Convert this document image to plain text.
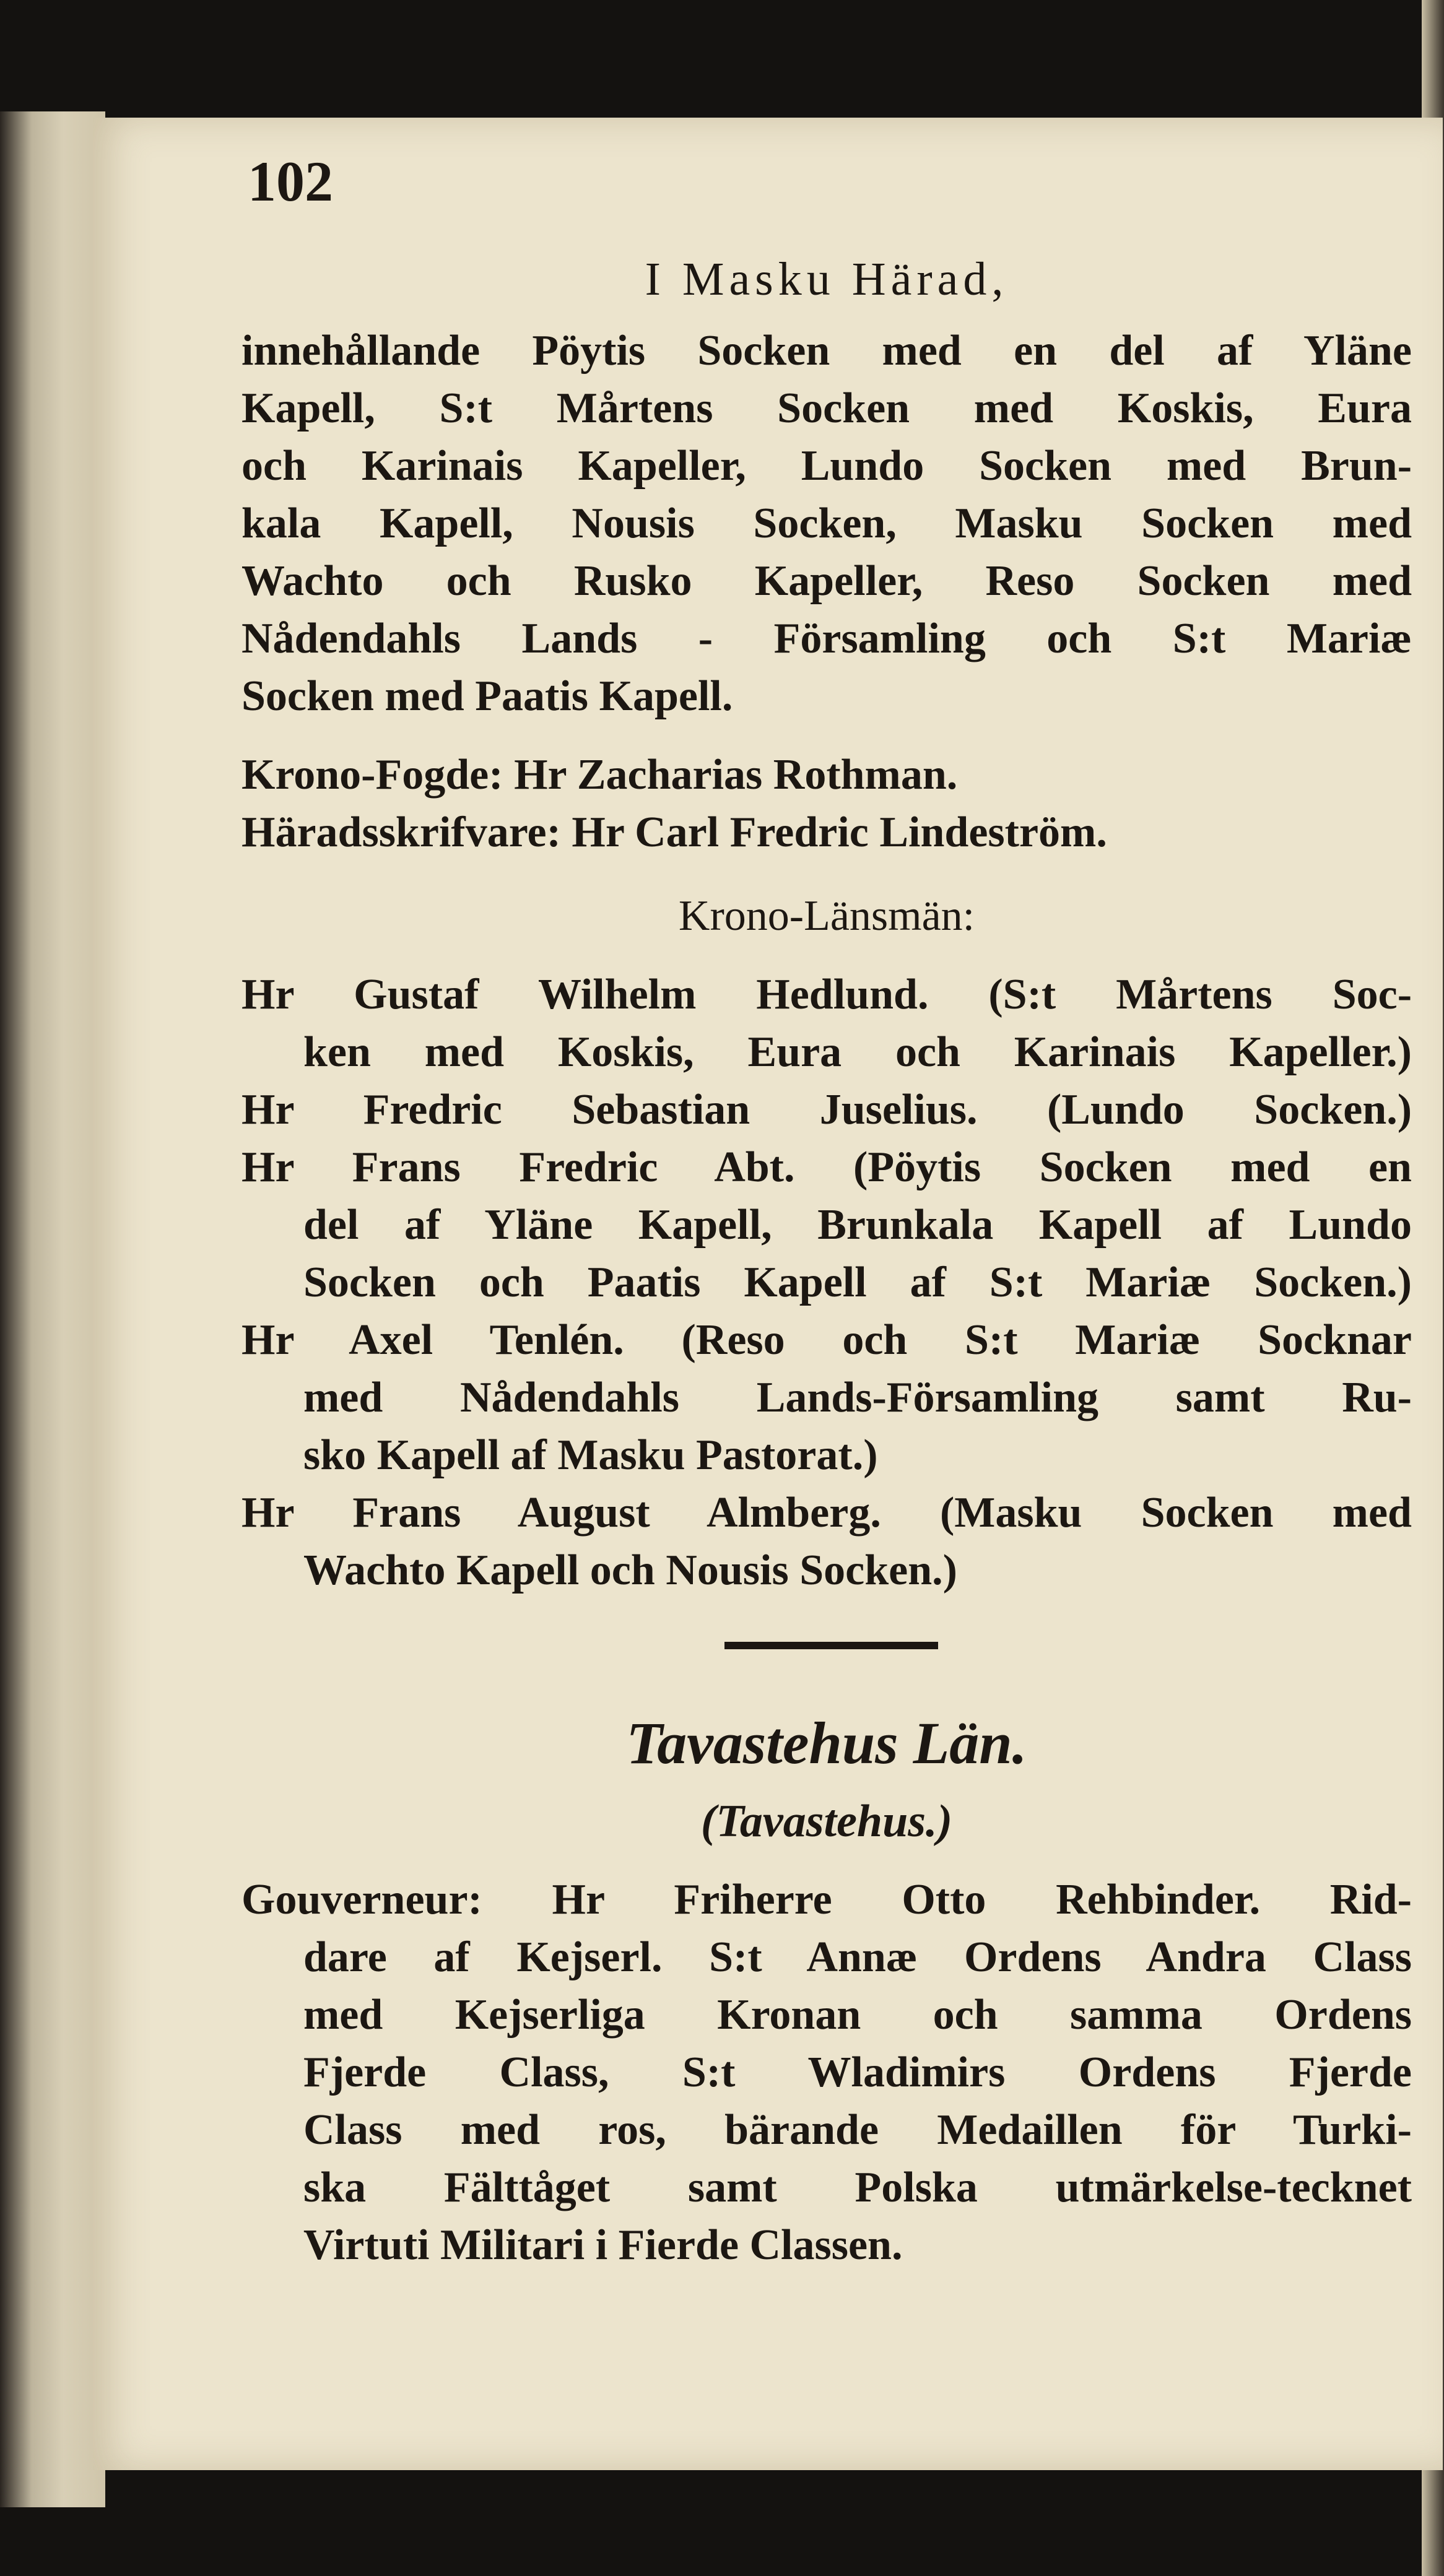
102
I Masku Härad,
innehållande Pöytis Socken med en del af Yläne
Kapell, S:t Mårtens Socken med Koskis, Eura
och Karinais Kapeller, Lundo Socken med Brun-
kala Kapell, Nousis Socken, Masku Socken med
Wachto och Rusko Kapeller, Reso Socken med
Nådendahls Lands - Församling och S:t Mariæ
Socken med Paatis Kapell.
Krono-Fogde: Hr Zacharias Rothman.
Häradsskrifvare: Hr Carl Fredric Lindeström.
Krono-Länsmän:
Hr Gustaf Wilhelm Hedlund. (S:t Mårtens Soc-
ken med Koskis, Eura och Karinais Kapeller.)
Hr Fredric Sebastian Juselius. (Lundo Socken.)
Hr Frans Fredric Abt. (Pöytis Socken med en
del af Yläne Kapell, Brunkala Kapell af Lundo
Socken och Paatis Kapell af S:t Mariæ Socken.)
Hr Axel Tenlén. (Reso och S:t Mariæ Socknar
med Nådendahls Lands-Församling samt Ru-
sko Kapell af Masku Pastorat.)
Hr Frans August Almberg. (Masku Socken med
Wachto Kapell och Nousis Socken.)
Tavastehus Län.
(Tavastehus.)
Gouverneur: Hr Friherre Otto Rehbinder. Rid-
dare af Kejserl. S:t Annæ Ordens Andra Class
med Kejserliga Kronan och samma Ordens
Fjerde Class, S:t Wladimirs Ordens Fjerde
Class med ros, bärande Medaillen för Turki-
ska Fälttåget samt Polska utmärkelse-tecknet
Virtuti Militari i Fierde Classen.
